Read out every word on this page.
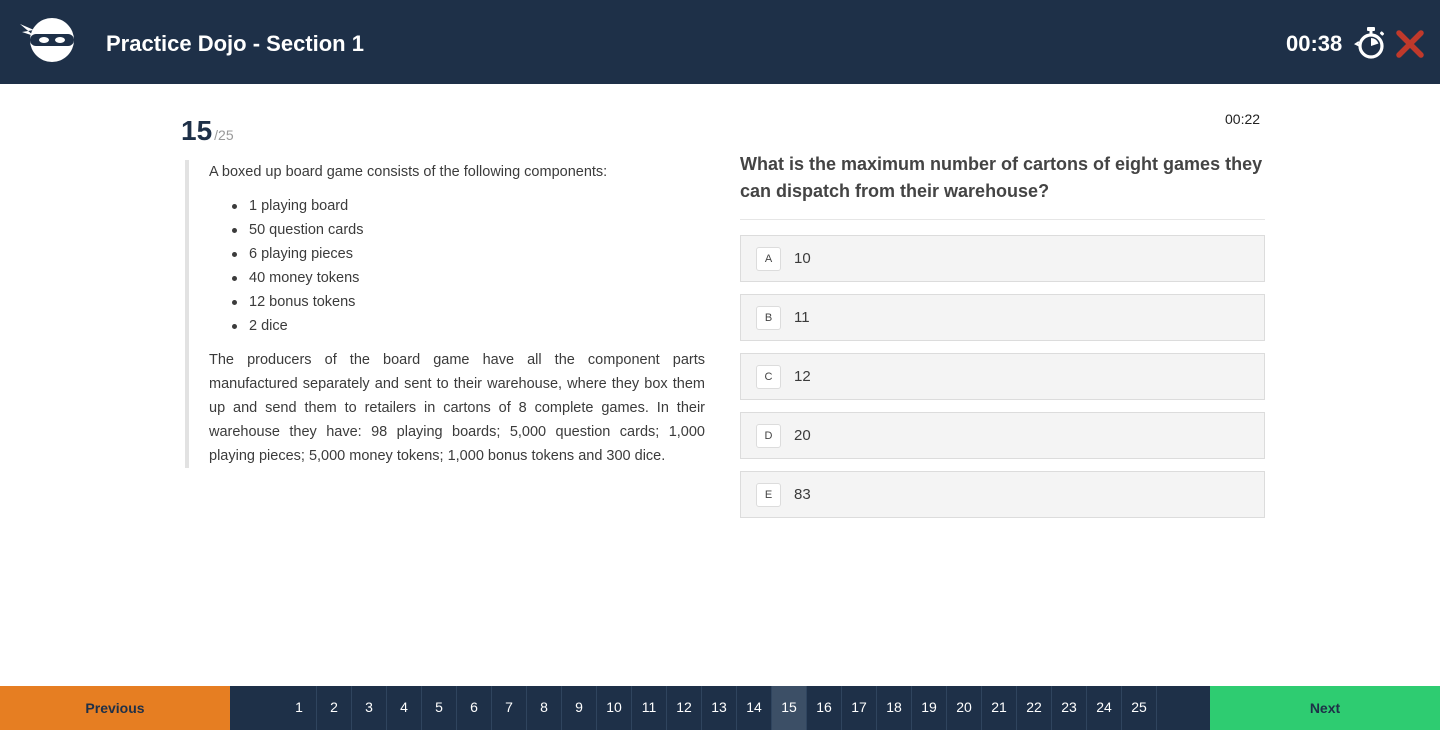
Practice Dojo - Section 1	00:38
15 /25
00:22

A boxed up board game consists of the following components:

1 playing board
50 question cards
6 playing pieces
40 money tokens
12 bonus tokens
2 dice

The producers of the board game have all the component parts manufactured separately and sent to their warehouse, where they box them up and send them to retailers in cartons of 8 complete games. In their warehouse they have: 98 playing boards; 5,000 question cards; 1,000 playing pieces; 5,000 money tokens; 1,000 bonus tokens and 300 dice.

What is the maximum number of cartons of eight games they can dispatch from their warehouse?
A	10
B	11
C	12
D	20
E	83
Previous	1	2	3	4	5	6	7	8	9	10	11	12	13	14	15	16	17	18	19	20	21	22	23	24	25	Next
